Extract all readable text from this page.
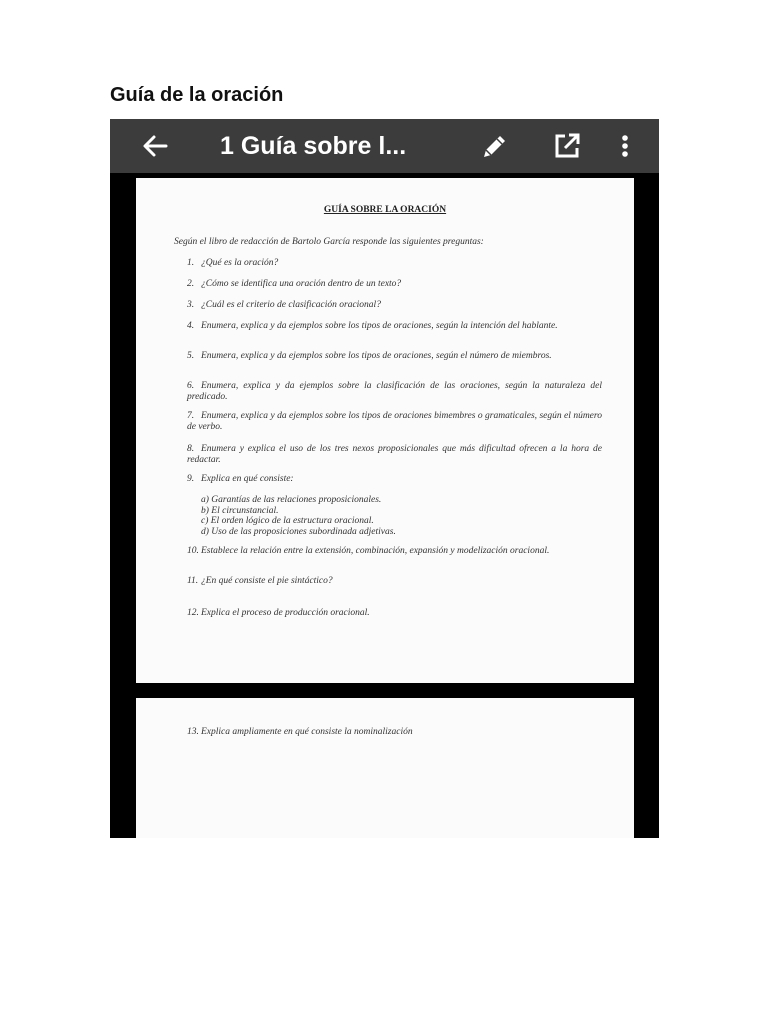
Guía de la oración
1 Guía sobre l...
GUÍA SOBRE LA ORACIÓN
Según el libro de redacción de Bartolo García responde las siguientes preguntas:
1. ¿Qué es la oración?
2. ¿Cómo se identifica una oración dentro de un texto?
3. ¿Cuál es el criterio de clasificación oracional?
4. Enumera, explica y da ejemplos sobre los tipos de oraciones, según la intención del hablante.
5. Enumera, explica y da ejemplos sobre los tipos de oraciones, según el número de miembros.
6. Enumera, explica y da ejemplos sobre la clasificación de las oraciones, según la naturaleza del predicado.
7. Enumera, explica y da ejemplos sobre los tipos de oraciones bimembres o gramaticales, según el número de verbo.
8. Enumera y explica el uso de los tres nexos proposicionales que más dificultad ofrecen a la hora de redactar.
9. Explica en qué consiste:
a) Garantías de las relaciones proposicionales.
b) El circunstancial.
c) El orden lógico de la estructura oracional.
d) Uso de las proposiciones subordinada adjetivas.
10. Establece la relación entre la extensión, combinación, expansión y modelización oracional.
11. ¿En qué consiste el pie sintáctico?
12. Explica el proceso de producción oracional.
13. Explica ampliamente en qué consiste la nominalización
